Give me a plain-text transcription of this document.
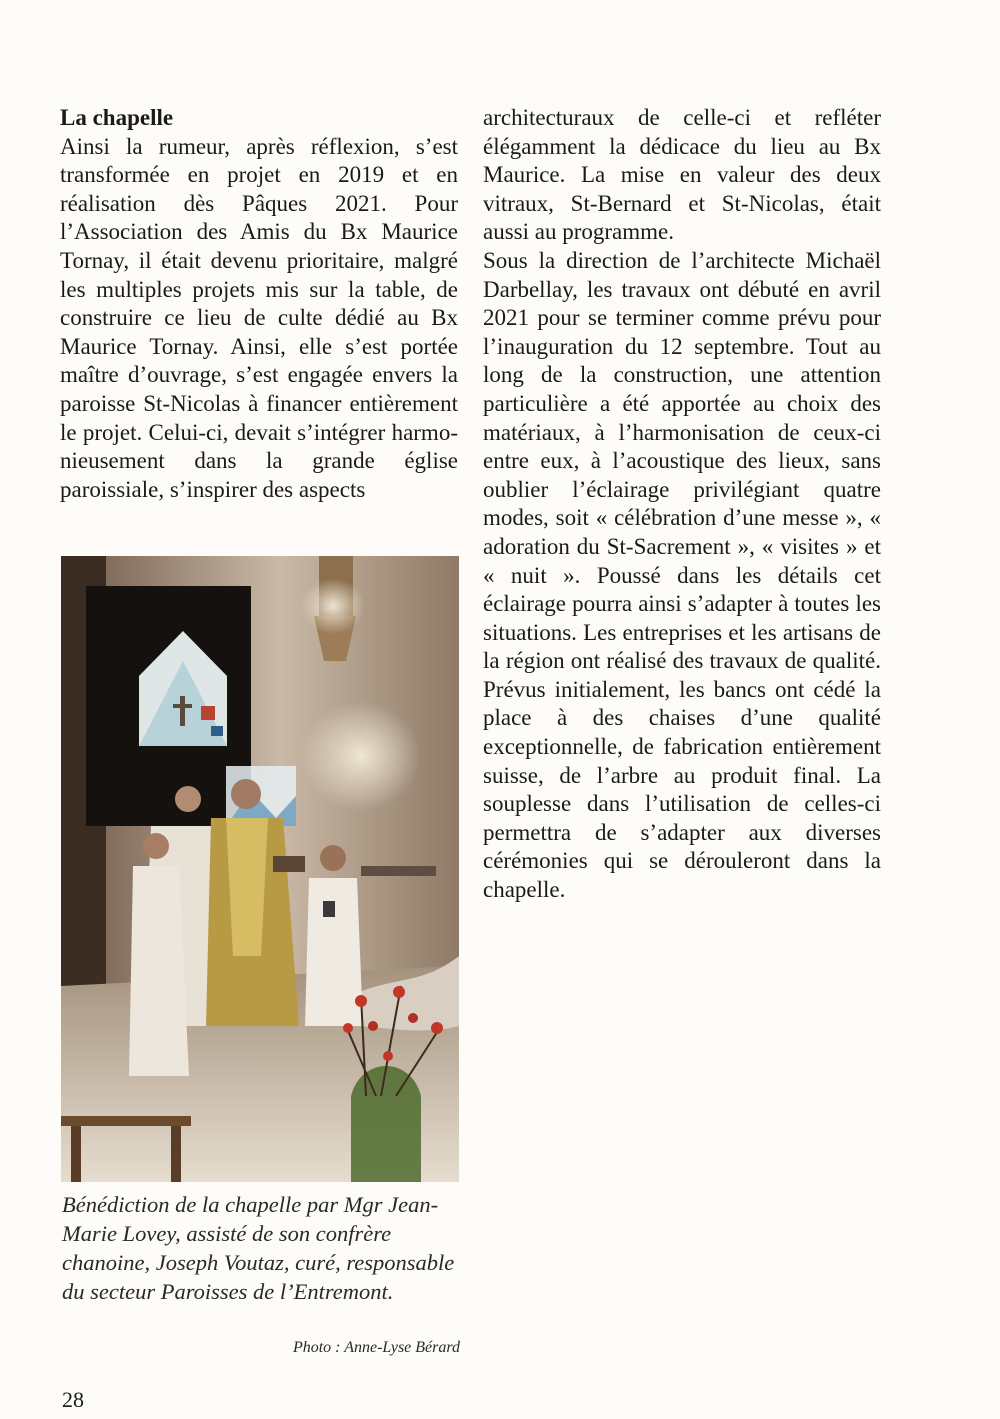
La chapelle

Ainsi la rumeur, après réflexion, s’est transformée en projet en 2019 et en réalisation dès Pâques 2021. Pour l’Association des Amis du Bx Maurice Tornay, il était devenu prioritaire, malgré les multiples projets mis sur la table, de construire ce lieu de culte dédié au Bx Maurice Tornay. Ainsi, elle s’est portée maître d’ouvrage, s’est engagée envers la paroisse St-Nicolas à financer entièrement le projet. Celui-ci, devait s’intégrer harmonieusement dans la grande église paroissiale, s’inspirer des aspects

architecturaux de celle-ci et refléter élégamment la dédicace du lieu au Bx Maurice. La mise en valeur des deux vitraux, St-Bernard et St-Nicolas, était aussi au programme.

Sous la direction de l’architecte Michaël Darbellay, les travaux ont débuté en avril 2021 pour se terminer comme prévu pour l’inauguration du 12 septembre. Tout au long de la construction, une attention particulière a été apportée au choix des matériaux, à l’harmonisation de ceux-ci entre eux, à l’acoustique des lieux, sans oublier l’éclairage privilégiant quatre modes, soit « célébration d’une messe », « adoration du St-Sacrement », « visites » et « nuit ». Poussé dans les détails cet éclairage pourra ainsi s’adapter à toutes les situations. Les entreprises et les artisans de la région ont réalisé des travaux de qualité. Prévus initialement, les bancs ont cédé la place à des chaises d’une qualité exceptionnelle, de fabrication entièrement suisse, de l’arbre au produit final. La souplesse dans l’utilisation de celles-ci permettra de s’adapter aux diverses cérémonies qui se dérouleront dans la chapelle.

Bénédiction de la chapelle par Mgr Jean-Marie Lovey, assisté de son confrère chanoine, Joseph Voutaz, curé, responsable du secteur Paroisses de l’Entremont.
Photo : Anne-Lyse Bérard
28
